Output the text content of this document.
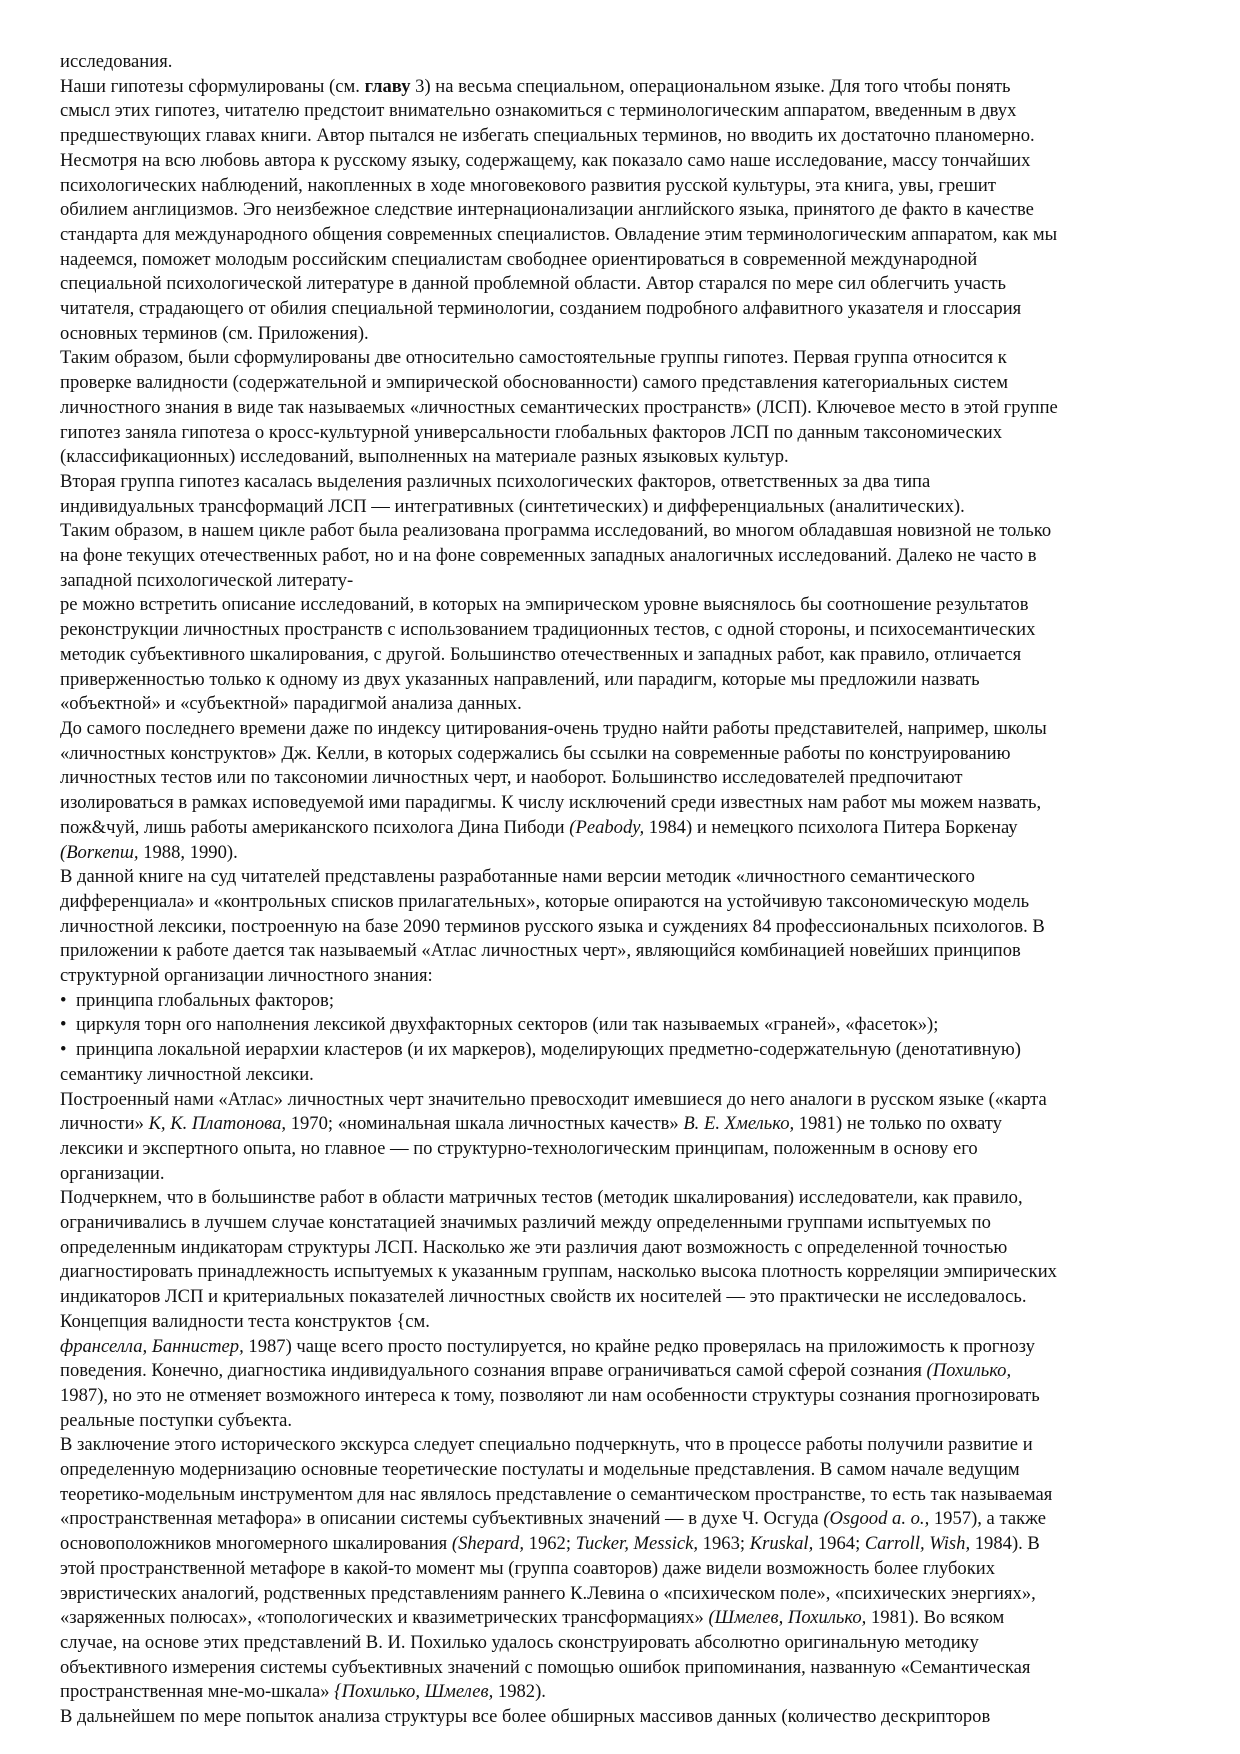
исследования.
Наши гипотезы сформулированы (см. главу 3) на весьма специальном, операциональном языке. Для того чтобы понять
смысл этих гипотез, читателю предстоит внимательно ознакомиться с терминологическим аппаратом, введенным в двух
предшествующих главах книги. Автор пытался не избегать специальных терминов, но вводить их достаточно планомерно.
Несмотря на всю любовь автора к русскому языку, содержащему, как показало само наше исследование, массу тончайших
психологических наблюдений, накопленных в ходе многовекового развития русской культуры, эта книга, увы, грешит
обилием англицизмов. Эго неизбежное следствие интернационализации английского языка, принятого де факто в качестве
стандарта для международного общения современных специалистов. Овладение этим терминологическим аппаратом, как мы
надеемся, поможет молодым российским специалистам свободнее ориентироваться в современной международной
специальной психологической литературе в данной проблемной области. Автор старался по мере сил облегчить участь
читателя, страдающего от обилия специальной терминологии, созданием подробного алфавитного указателя и глоссария
основных терминов (см. Приложения).
Таким образом, были сформулированы две относительно самостоятельные группы гипотез. Первая группа относится к
проверке валидности (содержательной и эмпирической обоснованности) самого представления категориальных систем
личностного знания в виде так называемых «личностных семантических пространств» (ЛСП). Ключевое место в этой группе
гипотез заняла гипотеза о кросс-культурной универсальности глобальных факторов ЛСП по данным таксономических
(классификационных) исследований, выполненных на материале разных языковых культур.
Вторая группа гипотез касалась выделения различных психологических факторов, ответственных за два типа
индивидуальных трансформаций ЛСП — интегративных (синтетических) и дифференциальных (аналитических).
Таким образом, в нашем цикле работ была реализована программа исследований, во многом обладавшая новизной не только
на фоне текущих отечественных работ, но и на фоне современных западных аналогичных исследований. Далеко не часто в
западной психологической литерату-
ре можно встретить описание исследований, в которых на эмпирическом уровне выяснялось бы соотношение результатов
реконструкции личностных пространств с использованием традиционных тестов, с одной стороны, и психосемантических
методик субъективного шкалирования, с другой. Большинство отечественных и западных работ, как правило, отличается
приверженностью только к одному из двух указанных направлений, или парадигм, которые мы предложили назвать
«объектной» и «субъектной» парадигмой анализа данных.
До самого последнего времени даже по индексу цитирования-очень трудно найти работы представителей, например, школы
«личностных конструктов» Дж. Келли, в которых содержались бы ссылки на современные работы по конструированию
личностных тестов или по таксономии личностных черт, и наоборот. Большинство исследователей предпочитают
изолироваться в рамках исповедуемой ими парадигмы. К числу исключений среди известных нам работ мы можем назвать,
пож&чуй, лишь работы американского психолога Дина Пибоди (Peabody, 1984) и немецкого психолога Питера Боркенау
(Воrкепш, 1988, 1990).
В данной книге на суд читателей представлены разработанные нами версии методик «личностного семантического
дифференциала» и «контрольных списков прилагательных», которые опираются на устойчивую таксономическую модель
личностной лексики, построенную на базе 2090 терминов русского языка и суждениях 84 профессиональных психологов. В
приложении к работе дается так называемый «Атлас личностных черт», являющийся комбинацией новейших принципов
структурной организации личностного знания:
• принципа глобальных факторов;
• циркуля торн ого наполнения лексикой двухфакторных секторов (или так называемых «граней», «фасеток»);
• принципа локальной иерархии кластеров (и их маркеров), моделирующих предметно-содержательную (денотативную)
семантику личностной лексики.
Построенный нами «Атлас» личностных черт значительно превосходит имевшиеся до него аналоги в русском языке («карта
личности» К, К. Платонова, 1970; «номинальная шкала личностных качеств» В. Е. Хмелько, 1981) не только по охвату
лексики и экспертного опыта, но главное — по структурно-технологическим принципам, положенным в основу его
организации.
Подчеркнем, что в большинстве работ в области матричных тестов (методик шкалирования) исследователи, как правило,
ограничивались в лучшем случае констатацией значимых различий между определенными группами испытуемых по
определенным индикаторам структуры ЛСП. Насколько же эти различия дают возможность с определенной точностью
диагностировать принадлежность испытуемых к указанным группам, насколько высока плотность корреляции эмпирических
индикаторов ЛСП и критериальных показателей личностных свойств их носителей — это практически не исследовалось.
Концепция валидности теста конструктов {см.
франселла, Баннистер, 1987) чаще всего просто постулируется, но крайне редко проверялась на приложимость к прогнозу
поведения. Конечно, диагностика индивидуального сознания вправе ограничиваться самой сферой сознания (Похилько,
1987), но это не отменяет возможного интереса к тому, позволяют ли нам особенности структуры сознания прогнозировать
реальные поступки субъекта.
В заключение этого исторического экскурса следует специально подчеркнуть, что в процессе работы получили развитие и
определенную модернизацию основные теоретические постулаты и модельные представления. В самом начале ведущим
теоретико-модельным инструментом для нас являлось представление о семантическом пространстве, то есть так называемая
«пространственная метафора» в описании системы субъективных значений — в духе Ч. Осгуда (Osgood а. о., 1957), а также
основоположников многомерного шкалирования (Shepard, 1962; Tucker, Messick, 1963; Kruskal, 1964; Carroll, Wish, 1984). В
этой пространственной метафоре в какой-то момент мы (группа соавторов) даже видели возможность более глубоких
эвристических аналогий, родственных представлениям раннего К.Левина о «психическом поле», «психических энергиях»,
«заряженных полюсах», «топологических и квазиметрических трансформациях» (Шмелев, Похилько, 1981). Во всяком
случае, на основе этих представлений В. И. Похилько удалось сконструировать абсолютно оригинальную методику
объективного измерения системы субъективных значений с помощью ошибок припоминания, названную «Семантическая
пространственная мне-мо-шкала» {Похилько, Шмелев, 1982).
В дальнейшем по мере попыток анализа структуры все более обширных массивов данных (количество дескрипторов
